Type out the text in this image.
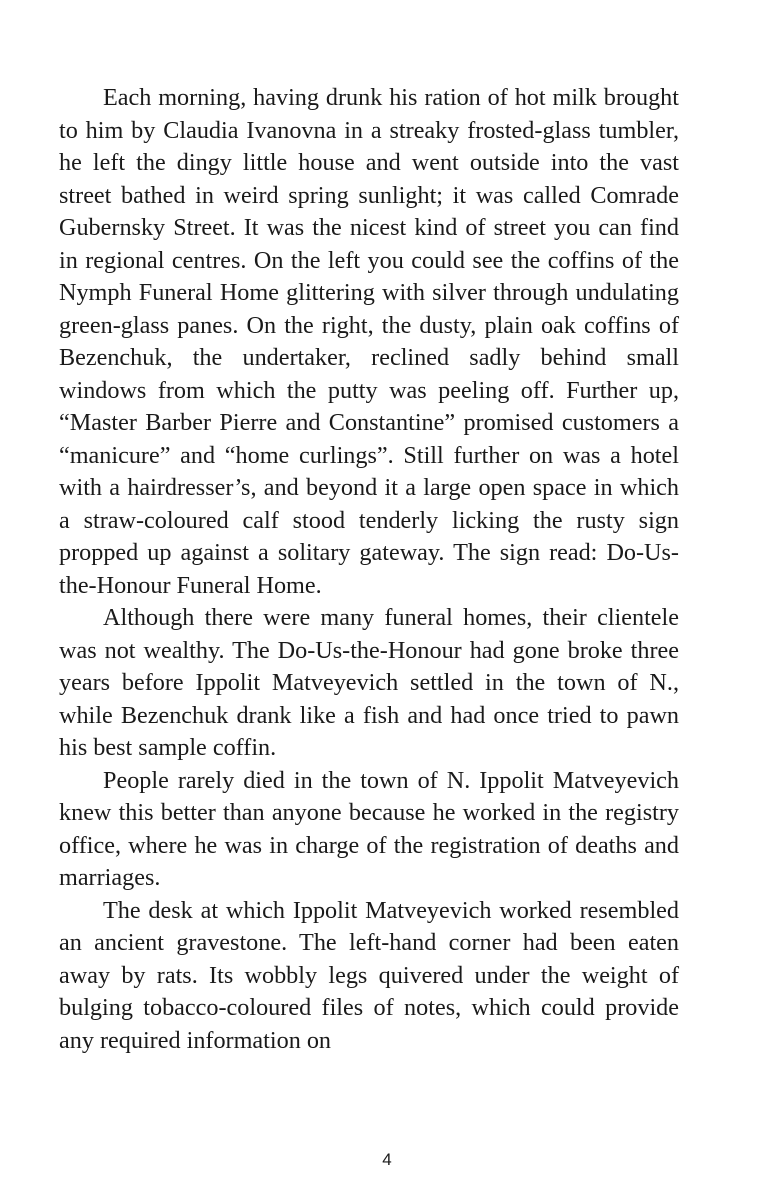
Each morning, having drunk his ration of hot milk brought to him by Claudia Ivanovna in a streaky frosted-glass tumbler, he left the dingy little house and went outside into the vast street bathed in weird spring sunlight; it was called Comrade Gubernsky Street. It was the nicest kind of street you can find in regional centres. On the left you could see the coffins of the Nymph Funeral Home glittering with silver through undulating green-glass panes. On the right, the dusty, plain oak coffins of Bezenchuk, the undertaker, reclined sadly behind small windows from which the putty was peeling off. Further up, “Master Barber Pierre and Constantine” promised customers a “manicure” and “home curlings”. Still further on was a hotel with a hairdresser’s, and beyond it a large open space in which a straw-coloured calf stood tenderly licking the rusty sign propped up against a solitary gateway. The sign read: Do-Us-the-Honour Funeral Home.

Although there were many funeral homes, their clientele was not wealthy. The Do-Us-the-Honour had gone broke three years before Ippolit Matveyevich settled in the town of N., while Bezenchuk drank like a fish and had once tried to pawn his best sample coffin.

People rarely died in the town of N. Ippolit Matveyevich knew this better than anyone because he worked in the registry office, where he was in charge of the registration of deaths and marriages.

The desk at which Ippolit Matveyevich worked resembled an ancient gravestone. The left-hand corner had been eaten away by rats. Its wobbly legs quivered under the weight of bulging tobacco-coloured files of notes, which could provide any required information on

4
